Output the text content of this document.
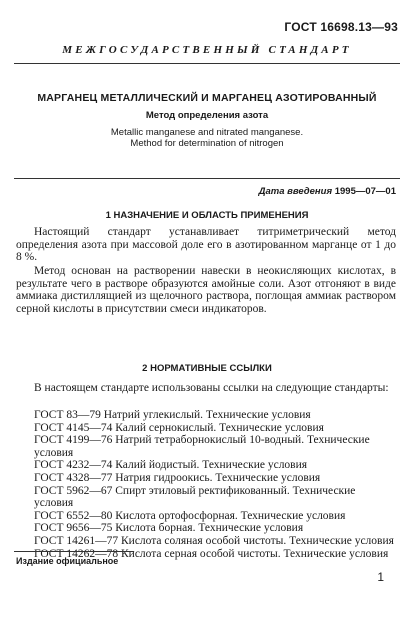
ГОСТ 16698.13—93
МЕЖГОСУДАРСТВЕННЫЙ СТАНДАРТ
МАРГАНЕЦ МЕТАЛЛИЧЕСКИЙ И МАРГАНЕЦ АЗОТИРОВАННЫЙ
Метод определения азота
Metallic manganese and nitrated manganese.
Method for determination of nitrogen
Дата введения 1995—07—01
1 НАЗНАЧЕНИЕ И ОБЛАСТЬ ПРИМЕНЕНИЯ
Настоящий стандарт устанавливает титриметрический метод определения азота при массовой доле его в азотированном марганце от 1 до 8 %.
Метод основан на растворении навески в неокисляющих кислотах, в результате чего в растворе образуются амойные соли. Азот отгоняют в виде аммиака дистиллящией из щелочного раствора, поглощая аммиак раствором серной кислоты в присутствии смеси индикаторов.
2 НОРМАТИВНЫЕ ССЫЛКИ
В настоящем стандарте использованы ссылки на следующие стандарты:
ГОСТ 83—79 Натрий углекислый. Технические условия
ГОСТ 4145—74 Калий сернокислый. Технические условия
ГОСТ 4199—76 Натрий тетраборнокислый 10-водный. Технические условия
ГОСТ 4232—74 Калий йодистый. Технические условия
ГОСТ 4328—77 Натрия гидроокись. Технические условия
ГОСТ 5962—67 Спирт этиловый ректификованный. Технические условия
ГОСТ 6552—80 Кислота ортофосфорная. Технические условия
ГОСТ 9656—75 Кислота борная. Технические условия
ГОСТ 14261—77 Кислота соляная особой чистоты. Технические условия
ГОСТ 14262—78 Кислота серная особой чистоты. Технические условия
Издание официальное
1
